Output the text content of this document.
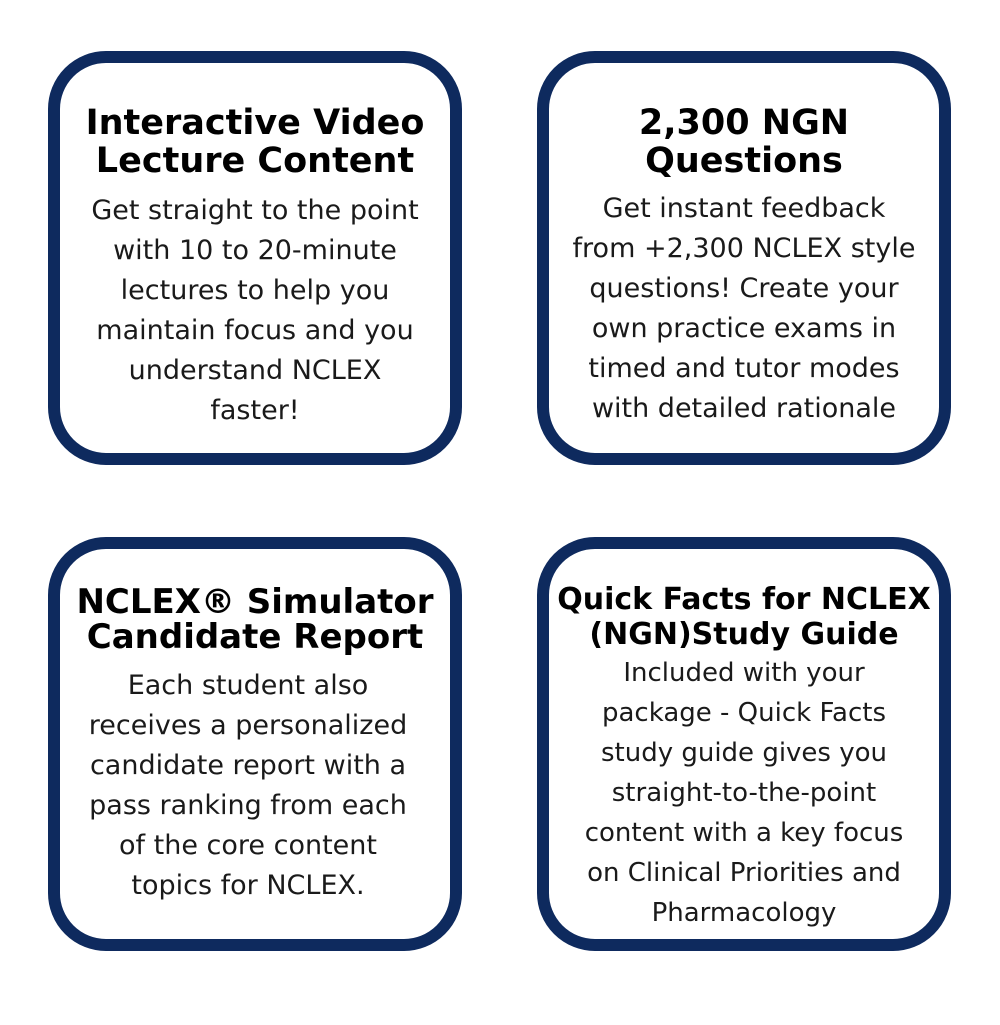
Interactive Video
Lecture Content

Get straight to the point
with 10 to 20-minute
lectures to help you
maintain focus and you
understand NCLEX
faster!

2,300 NGN
Questions

Get instant feedback
from +2,300 NCLEX style
questions! Create your
own practice exams in
timed and tutor modes
with detailed rationale

NCLEX® Simulator
Candidate Report

Each student also
receives a personalized
candidate report with a
pass ranking from each
of the core content
topics for NCLEX.

Quick Facts for NCLEX
(NGN)Study Guide

Included with your
package - Quick Facts
study guide gives you
straight-to-the-point
content with a key focus
on Clinical Priorities and
Pharmacology
